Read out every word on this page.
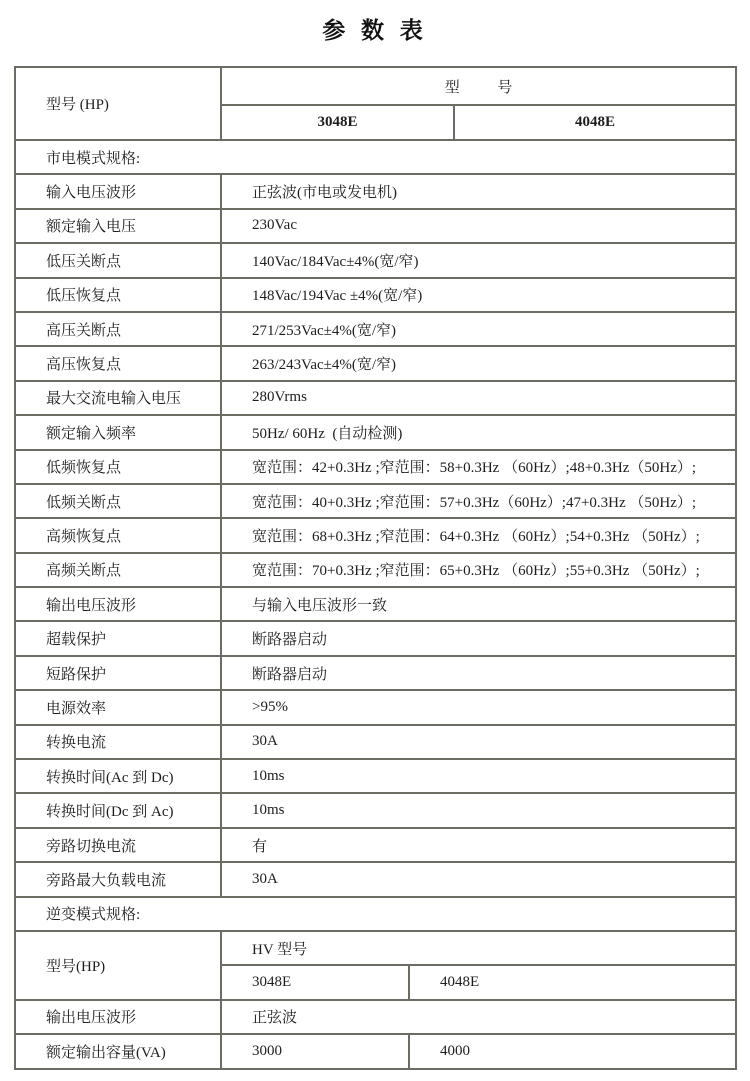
参 数 表
型号 (HP)
型          号
3048E	4048E
市电模式规格:
输入电压波形	正弦波(市电或发电机)
额定输入电压	230Vac
低压关断点	140Vac/184Vac±4%(宽/窄)
低压恢复点	148Vac/194Vac ±4%(宽/窄)
高压关断点	271/253Vac±4%(宽/窄)
高压恢复点	263/243Vac±4%(宽/窄)
最大交流电输入电压	280Vrms
额定输入频率	50Hz/ 60Hz  (自动检测)
低频恢复点	宽范围：42+0.3Hz ;窄范围：58+0.3Hz （60Hz）;48+0.3Hz（50Hz）;
低频关断点	宽范围：40+0.3Hz ;窄范围：57+0.3Hz（60Hz）;47+0.3Hz （50Hz）;
高频恢复点	宽范围：68+0.3Hz ;窄范围：64+0.3Hz （60Hz）;54+0.3Hz （50Hz）;
高频关断点	宽范围：70+0.3Hz ;窄范围：65+0.3Hz （60Hz）;55+0.3Hz （50Hz）;
输出电压波形	与输入电压波形一致
超载保护	断路器启动
短路保护	断路器启动
电源效率	>95%
转换电流	30A
转换时间(Ac 到 Dc)	10ms
转换时间(Dc 到 Ac)	10ms
旁路切换电流	有
旁路最大负载电流	30A
逆变模式规格:
型号(HP)
HV 型号
3048E	4048E
输出电压波形	正弦波
额定输出容量(VA)	3000	4000
